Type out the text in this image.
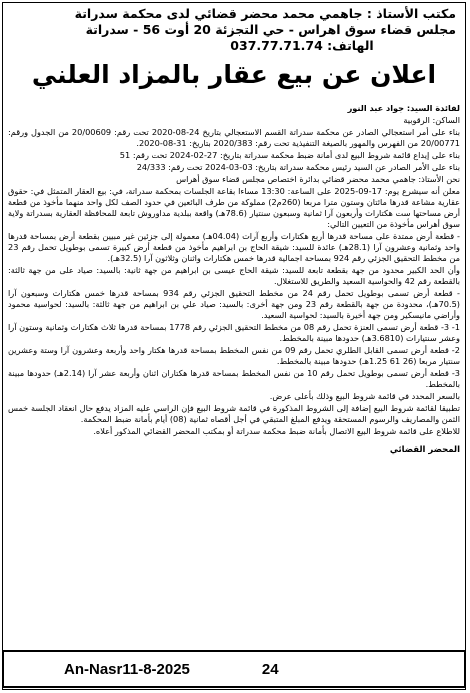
مكتب الأستاذ : جاهمي محمد محضر قضائي لدى محكمة سدراتة
مجلس قضاء سوق اهراس - حي التجزئة 20 أوت 56 - سدراتة
الهاتف: 037.77.71.74
اعلان عن بيع عقار بالمزاد العلني

لفائدة السيد: جواد عبد النور

الساكن: الرقوبية

بناء على أمر استعجالي الصادر عن محكمة سدراتة القسم الاستعجالي بتاريخ 24-08-2020 تحت رقم: 20/00609 من الجدول ورقم: 20/00771 من الفهرس والمهور بالصيغة التنفيذية تحت رقم: 2020/383 بتاريخ: 31-08-2020.

بناء على إيداع قائمة شروط البيع لدى أمانة ضبط محكمة سدراتة بتاريخ: 27-02-2024 تحت رقم: 51

بناء على الأمر الصادر عن السيد رئيس محكمة سدراتة بتاريخ: 03-03-2024 تحت رقم: 24/333

نحن الأستاذ: جاهمي محمد محضر قضائي بدائرة اختصاص مجلس قضاء سوق أهراس

معلن أنه سيشرع يوم: 17-09-2025 على الساعة: 13:30 مساءا بقاعة الجلسات بمحكمة سدراتة، في: بيع العقار المتمثل في: حقوق عقارية مشاعة قدرها مائتان وستون مترا مربعا (260م2) مملوكة من طرف البائعين في حدود الصف لكل واحد منهما مأخوذ من قطعة أرض مساحتها ست هكتارات وأربعون آرا ثمانية وسبعون سنتيار (78.6هـ) واقعة ببلدية مداوروش تابعة للمحافظة العقارية بسدراتة ولاية سوق أهراس مأخوذة من التعيين التالي:

- قطعة أرض ممتدة على مساحة قدرها أربع هكتارات وأربع آرات (04.04هـ) معمولة إلى جزئين غير مبيين بقطعة أرض بمساحة قدرها واحد وثمانية وعشرون آرا (28.1هـ) عائدة للسيد: شيقة الحاج بن ابراهيم مأخوذ من قطعة أرض كبيرة تسمى بوطويل تحمل رقم 23 من مخطط التحقيق الجزئي رقم 924 بمساحة اجمالية قدرها خمس هكتارات واثنان وثلاثون آرا (32.5هـ).

وأن الحد الكبير محدود من جهة بقطعة تابعة للسيد: شيقة الحاج عيسى بن ابراهيم من جهة ثانية: بالسيد: صياد على من جهة ثالثة: بالقطعة رقم 42 والحواسية السعيد والطريق للاستغلال.

- قطعة أرض تسمى بوطويل تحمل رقم 24 من مخطط التحقيق الجزئي رقم 934 بمساحة قدرها خمس هكتارات وسبعون آرا (70.5هـ)، محدودة من جهة بالقطعة رقم 23 ومن جهة أخرى: بالسيد: صياد علي بن ابراهيم من جهة ثالثة: بالسيد: لحواسية محمود وأراضي مانيسكير ومن جهة أخيرة بالسيد: لحواسية السعيد.

1- 3- قطعة أرض تسمى العنزة تحمل رقم 08 من مخطط التحقيق الجزئي رقم 1778 بمساحة قدرها ثلاث هكتارات وثمانية وستون آرا وعشر سنتيارات (3.6810هـ) حدودها مبينة بالمخطط.

2- قطعة أرض تسمى القابل الطلري تحمل رقم 09 من نفس المخطط بمساحة قدرها هكتار واحد وأربعة وعشرون آرا وستة وعشرين سنتيار مربعا (26 61 1.25هـ) حدودها مبينة بالمخطط.

3- قطعة أرض تسمى بوطويل تحمل رقم 10 من نفس المخطط بمساحة قدرها هكتاران اثنان وأربعة عشر آرا (2.14هـ) حدودها مبينة بالمخطط.

بالسعر المحدد في قائمة شروط البيع وذلك بأعلى عرض.

تطبيقا لقائمة شروط البيع إضافة إلى الشروط المذكورة في قائمة شروط البيع فإن الراسي عليه المزاد يدفع حال انعقاد الجلسة خمس الثمن والمصاريف والرسوم المستحقة ويدفع المبلغ المتبقي في أجل أقصاه ثمانية (08) أيام بأمانة ضبط المحكمة.

للاطلاع على قائمة شروط البيع الاتصال بأمانة ضبط محكمة سدراتة أو بمكتب المحضر القضائي المذكور أعلاه.

المحضر القضائي
An-Nasr11-8-2025	24
